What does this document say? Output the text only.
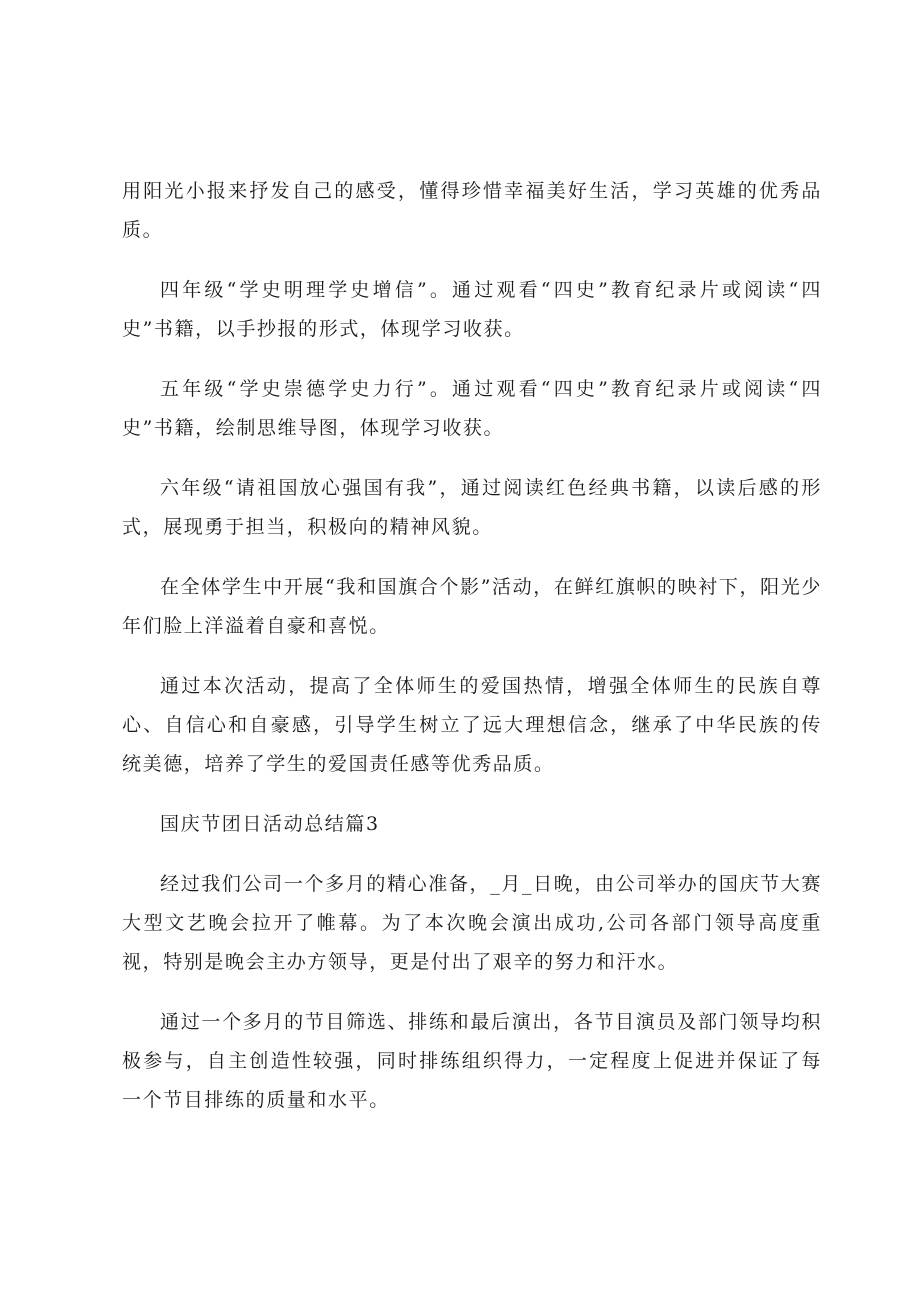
用阳光小报来抒发自己的感受，懂得珍惜幸福美好生活，学习英雄的优秀品质。

四年级“学史明理学史增信”。通过观看“四史”教育纪录片或阅读“四史”书籍，以手抄报的形式，体现学习收获。

五年级“学史崇德学史力行”。通过观看“四史”教育纪录片或阅读“四史”书籍，绘制思维导图，体现学习收获。

六年级“请祖国放心强国有我”，通过阅读红色经典书籍，以读后感的形式，展现勇于担当，积极向的精神风貌。

在全体学生中开展“我和国旗合个影”活动，在鲜红旗帜的映衬下，阳光少年们脸上洋溢着自豪和喜悦。

通过本次活动，提高了全体师生的爱国热情，增强全体师生的民族自尊心、自信心和自豪感，引导学生树立了远大理想信念，继承了中华民族的传统美德，培养了学生的爱国责任感等优秀品质。

国庆节团日活动总结篇3

经过我们公司一个多月的精心准备，_月_日晚，由公司举办的国庆节大赛大型文艺晚会拉开了帷幕。为了本次晚会演出成功,公司各部门领导高度重视，特别是晚会主办方领导，更是付出了艰辛的努力和汗水。

通过一个多月的节目筛选、排练和最后演出，各节目演员及部门领导均积极参与，自主创造性较强，同时排练组织得力，一定程度上促进并保证了每一个节目排练的质量和水平。
